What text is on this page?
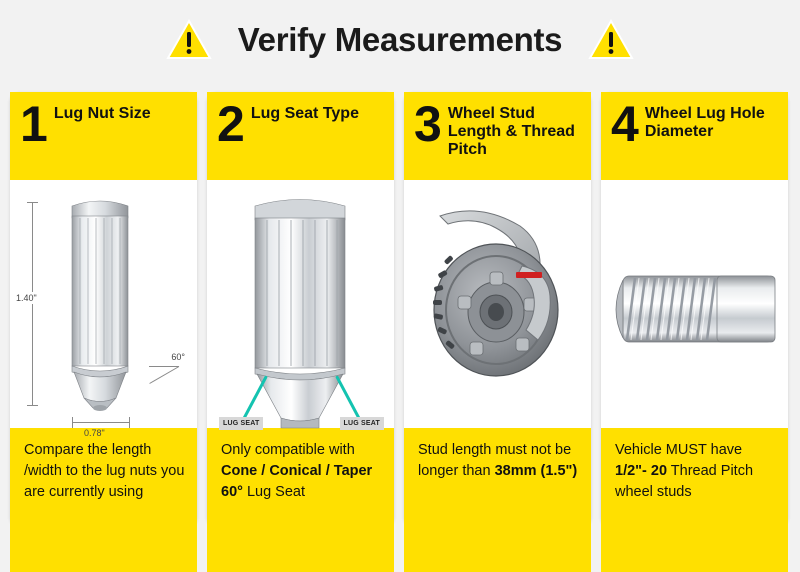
Verify Measurements
1 Lug Nut Size
1.40"
0.78"
60°

Compare the length /width to the lug nuts you are currently using

2 Lug Seat Type
LUG SEAT	LUG SEAT

Only compatible with Cone / Conical / Taper 60° Lug Seat

3 Wheel Stud Length & Thread Pitch

Stud length must not be longer than 38mm (1.5")

4 Wheel Lug Hole Diameter

Vehicle MUST have 1/2"- 20 Thread Pitch wheel studs
